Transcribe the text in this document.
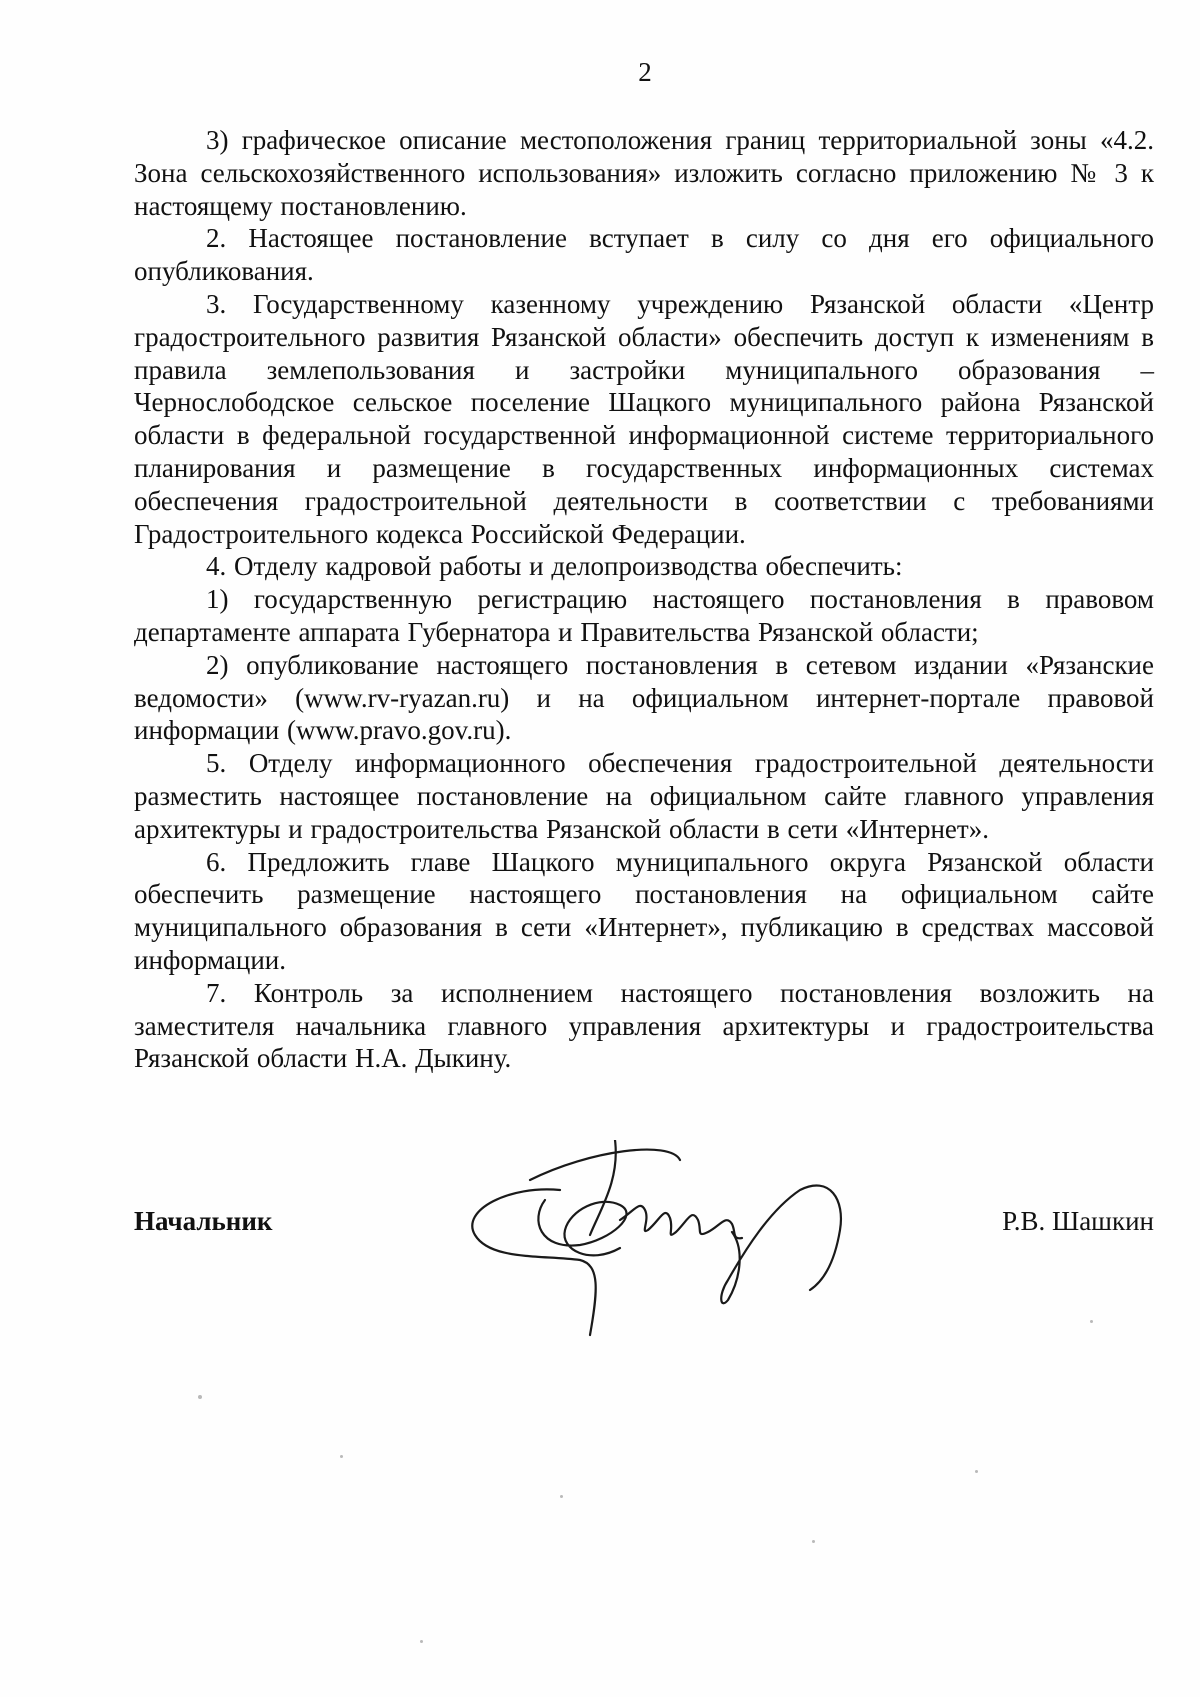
2

3) графическое описание местоположения границ территориальной зоны «4.2. Зона сельскохозяйственного использования» изложить согласно приложению № 3 к настоящему постановлению.

2. Настоящее постановление вступает в силу со дня его официального опубликования.

3. Государственному казенному учреждению Рязанской области «Центр градостроительного развития Рязанской области» обеспечить доступ к изменениям в правила землепользования и застройки муниципального образования – Чернослободское сельское поселение Шацкого муниципального района Рязанской области в федеральной государственной информационной системе территориального планирования и размещение в государственных информационных системах обеспечения градостроительной деятельности в соответствии с требованиями Градостроительного кодекса Российской Федерации.

4. Отделу кадровой работы и делопроизводства обеспечить:

1) государственную регистрацию настоящего постановления в правовом департаменте аппарата Губернатора и Правительства Рязанской области;

2) опубликование настоящего постановления в сетевом издании «Рязанские ведомости» (www.rv-ryazan.ru) и на официальном интернет-портале правовой информации (www.pravo.gov.ru).

5. Отделу информационного обеспечения градостроительной деятельности разместить настоящее постановление на официальном сайте главного управления архитектуры и градостроительства Рязанской области в сети «Интернет».

6. Предложить главе Шацкого муниципального округа Рязанской области обеспечить размещение настоящего постановления на официальном сайте муниципального образования в сети «Интернет», публикацию в средствах массовой информации.

7. Контроль за исполнением настоящего постановления возложить на заместителя начальника главного управления архитектуры и градостроительства Рязанской области Н.А. Дыкину.

Начальник	Р.В. Шашкин
